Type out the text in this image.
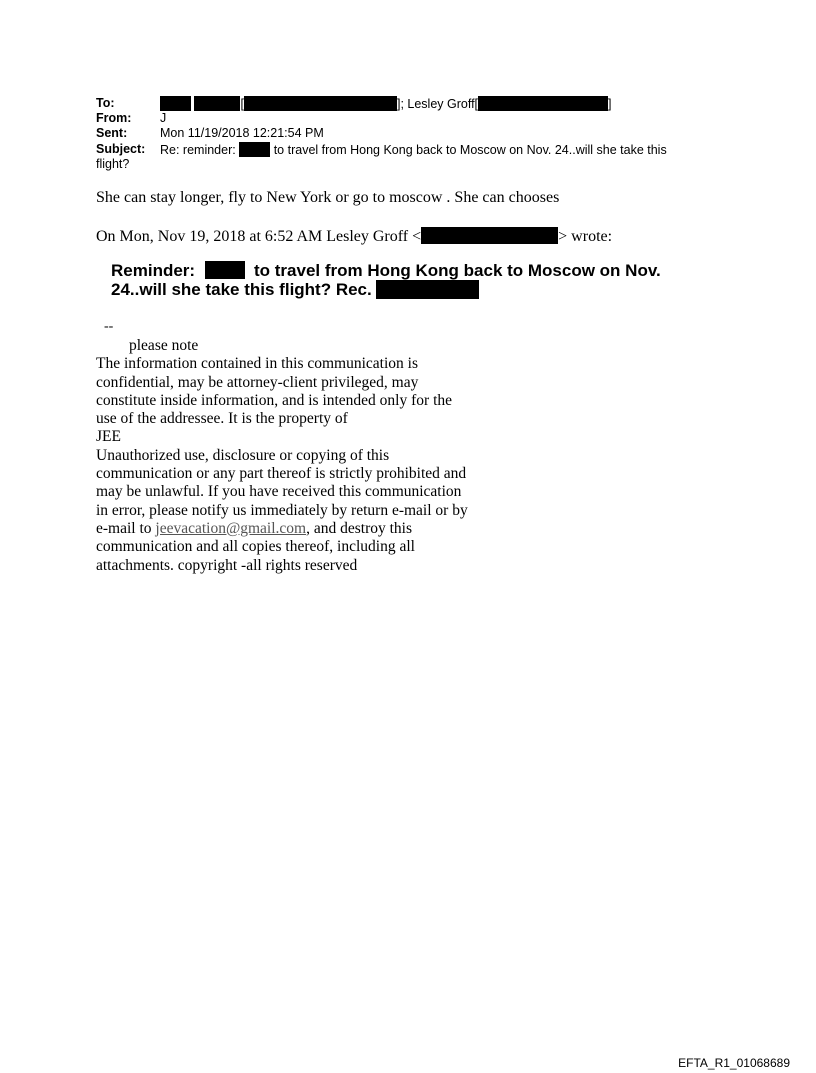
To:	[	]; Lesley Groff[	]
From: J
Sent:	Mon 11/19/2018 12:21:54 PM
Subject: Re: reminder:	to travel from Hong Kong back to Moscow on Nov. 24..will she take this
flight?
She can stay longer, fly to New York or go to moscow . She can chooses
On Mon, Nov 19, 2018 at 6:52 AM Lesley Groff <	> wrote:
Reminder:	to travel from Hong Kong back to Moscow on Nov. 24..will she take this flight? Rec.
--
please note
The information contained in this communication is confidential, may be attorney-client privileged, may constitute inside information, and is intended only for the use of the addressee. It is the property of
JEE
Unauthorized use, disclosure or copying of this communication or any part thereof is strictly prohibited and may be unlawful. If you have received this communication in error, please notify us immediately by return e-mail or by e-mail to jeevacation@gmail.com, and destroy this communication and all copies thereof, including all attachments. copyright -all rights reserved
EFTA_R1_01068689
